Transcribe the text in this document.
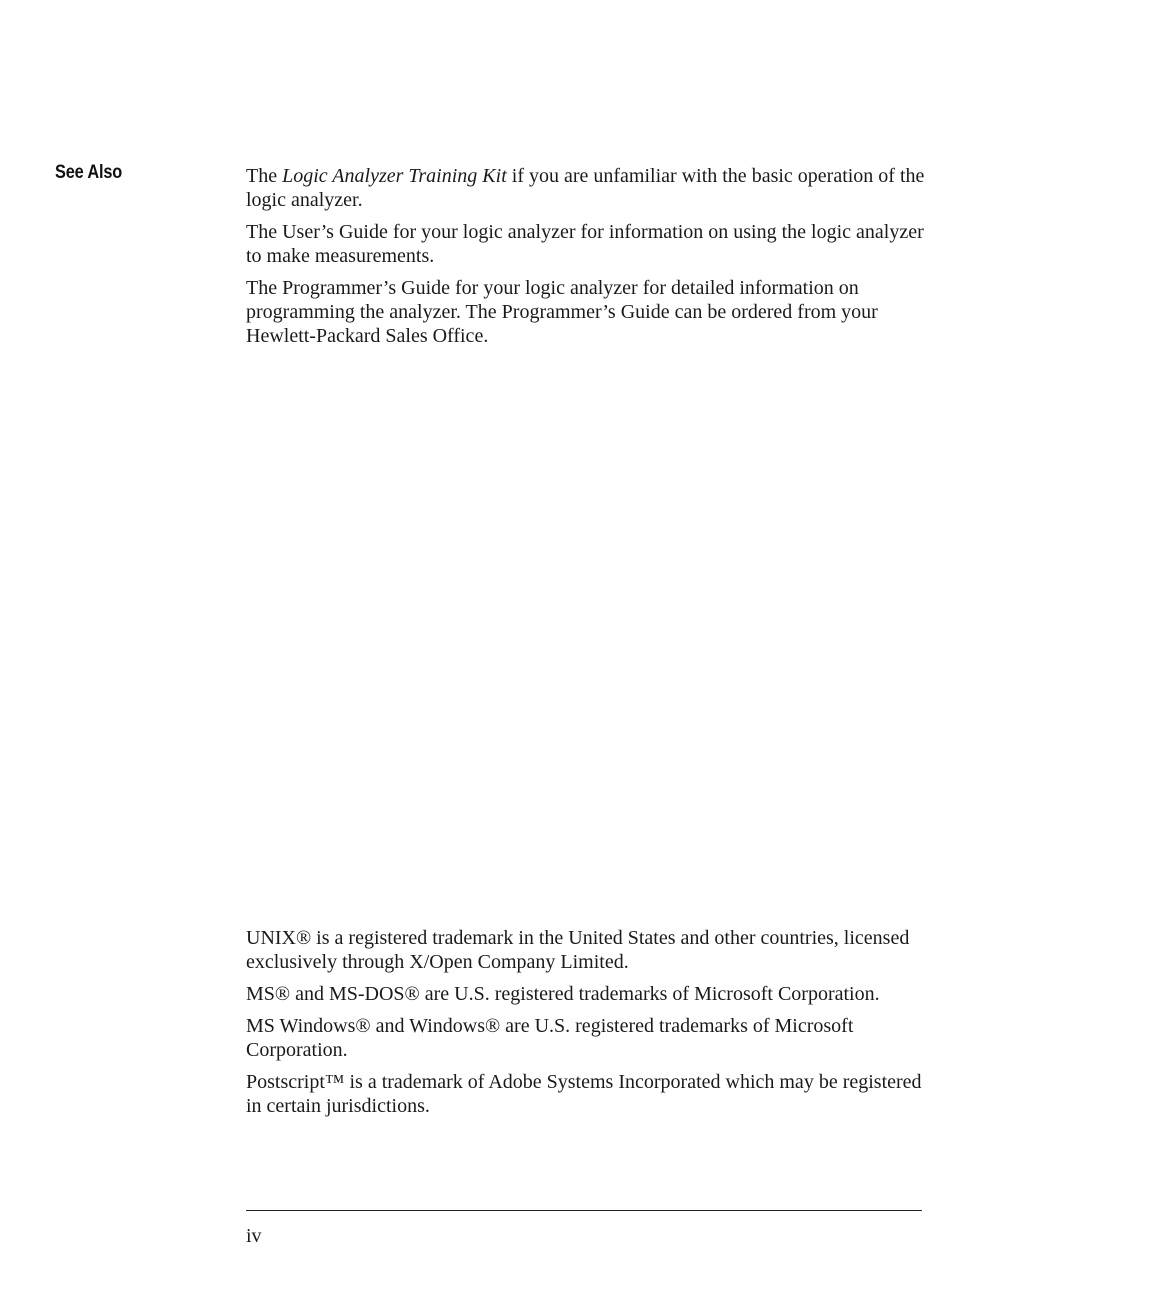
See Also	The Logic Analyzer Training Kit if you are unfamiliar with the basic operation of the logic analyzer.

The User’s Guide for your logic analyzer for information on using the logic analyzer to make measurements.

The Programmer’s Guide for your logic analyzer for detailed information on programming the analyzer. The Programmer’s Guide can be ordered from your Hewlett-Packard Sales Office.

UNIX® is a registered trademark in the United States and other countries, licensed exclusively through X/Open Company Limited.

MS® and MS-DOS® are U.S. registered trademarks of Microsoft Corporation.

MS Windows® and Windows® are U.S. registered trademarks of Microsoft Corporation.

Postscript™ is a trademark of Adobe Systems Incorporated which may be registered in certain jurisdictions.

iv
